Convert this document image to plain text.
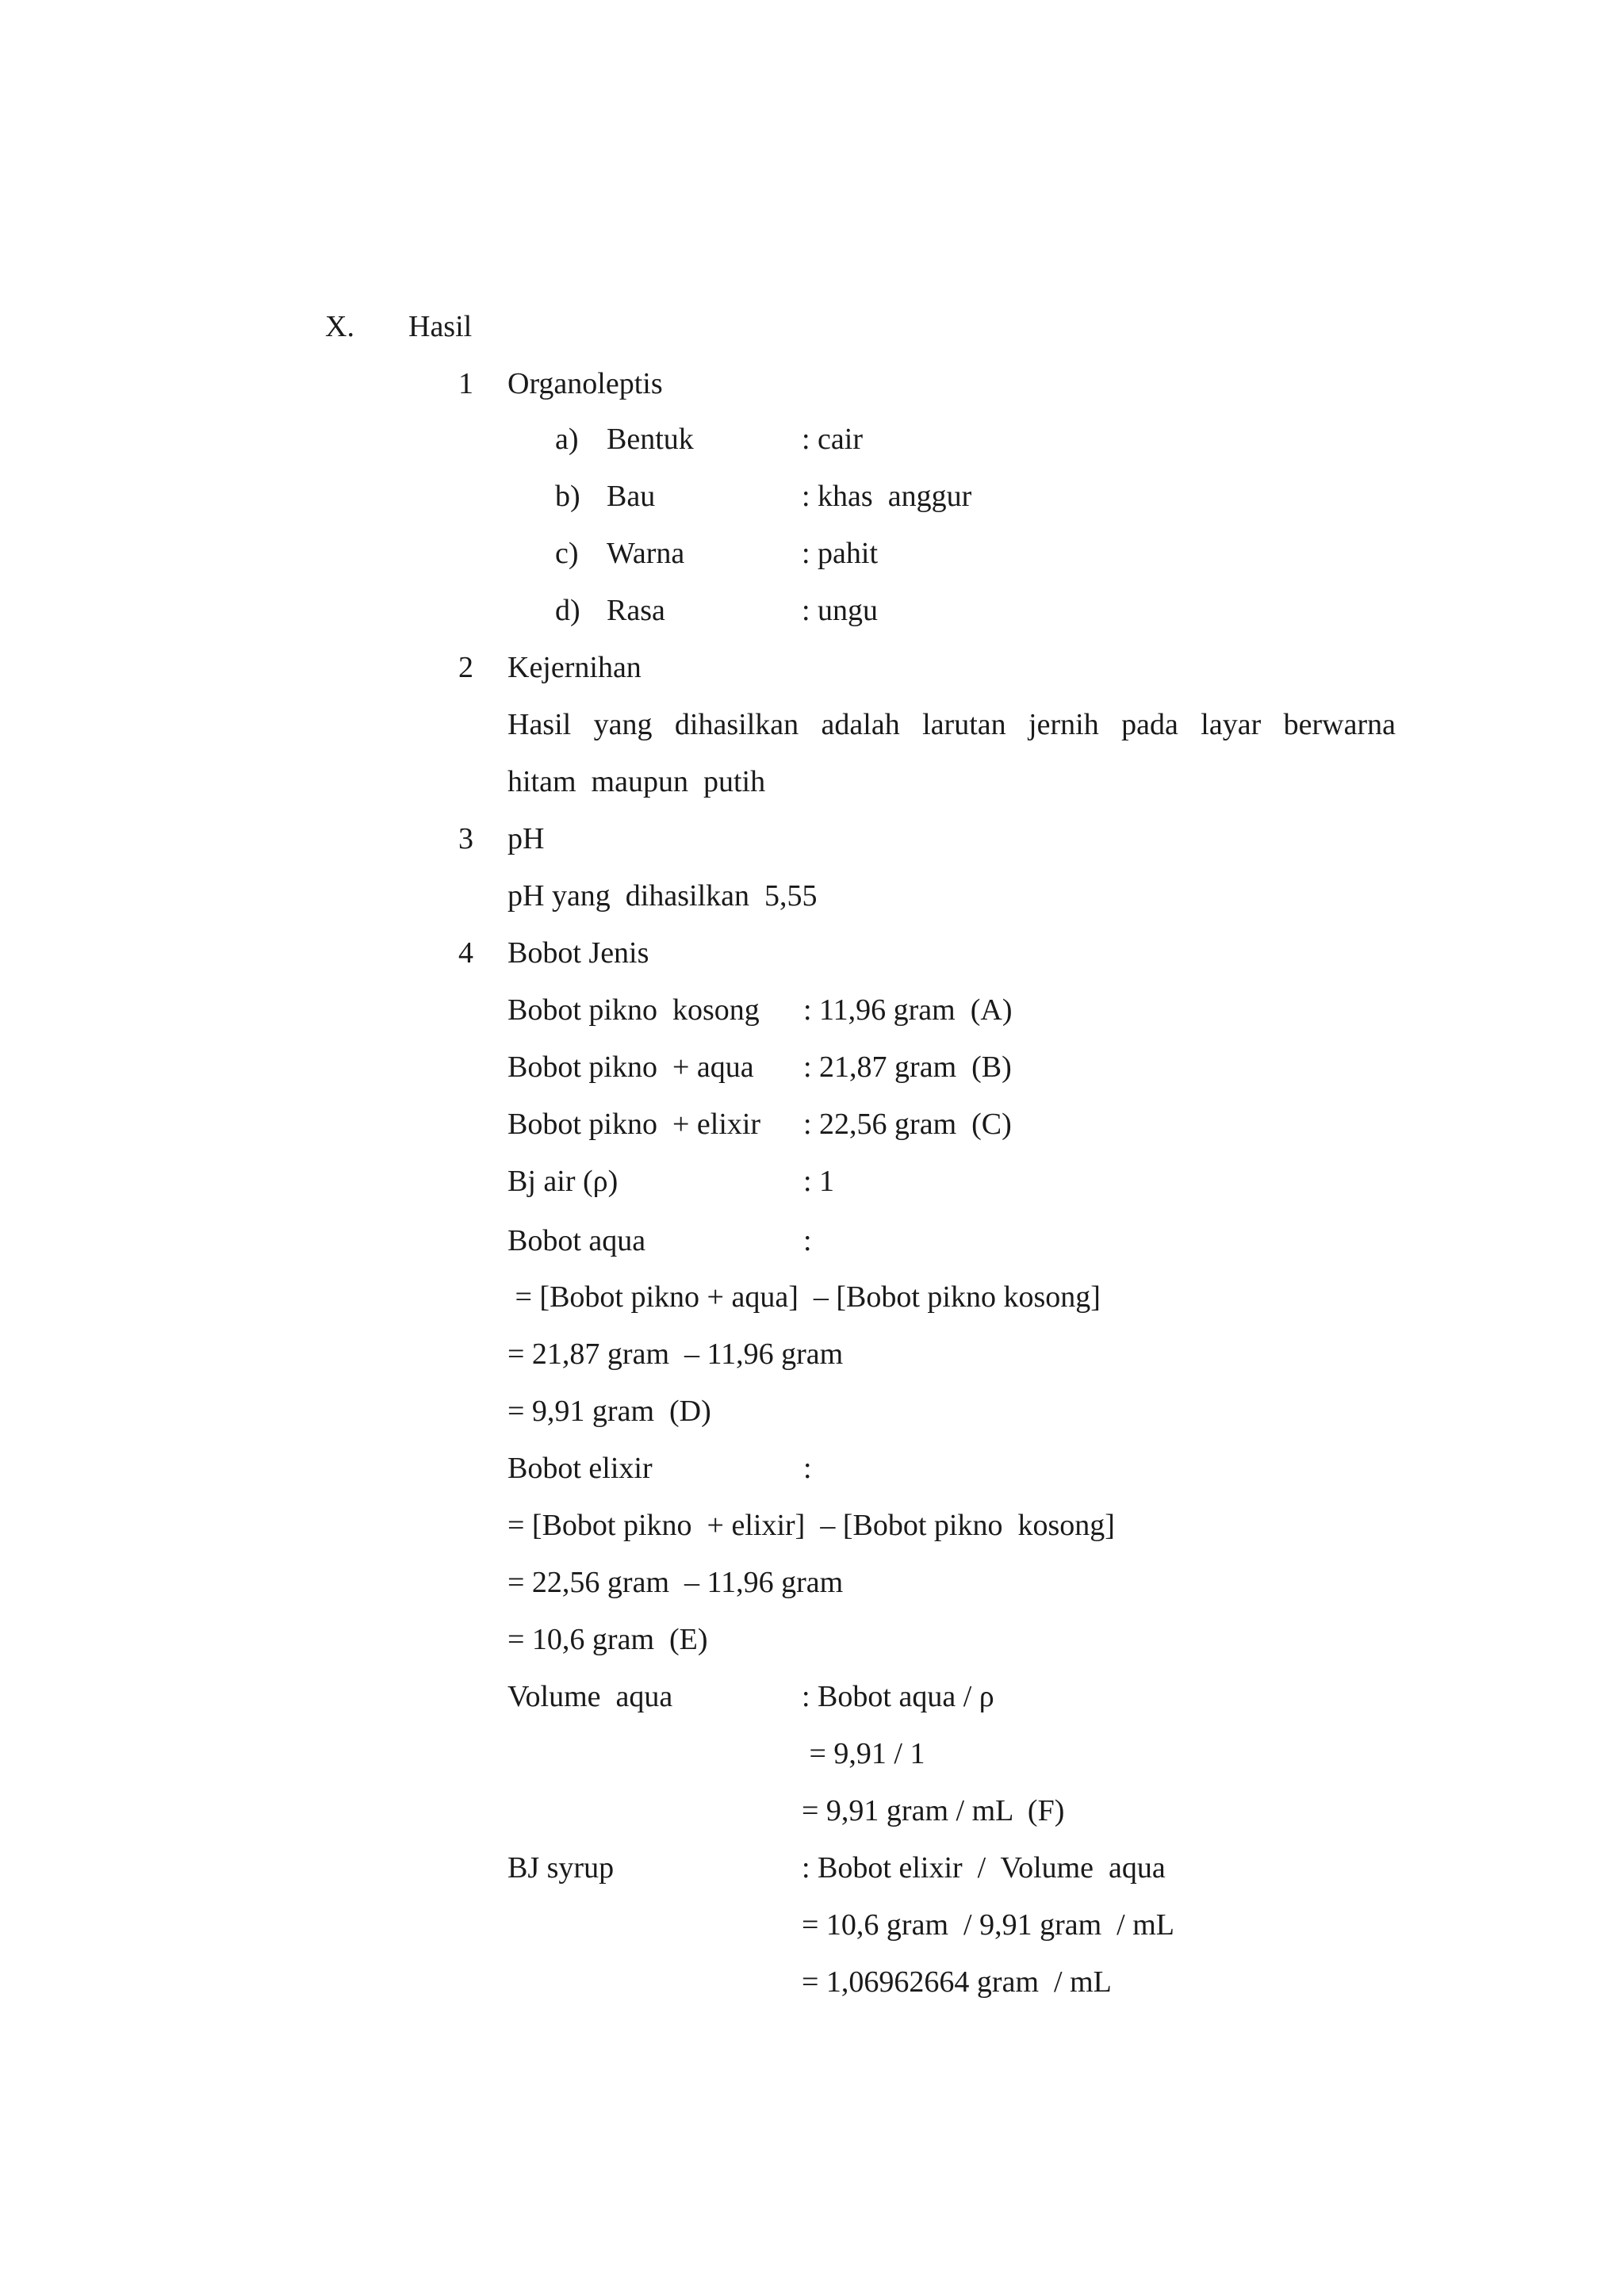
X. Hasil
1 Organoleptis
a) Bentuk	: cair
b) Bau	: khas  anggur
c) Warna	: pahit
d) Rasa	: ungu
2 Kejernihan
Hasil yang dihasilkan adalah larutan jernih pada layar berwarna
hitam  maupun  putih
3 pH
pH yang  dihasilkan  5,55
4 Bobot Jenis
Bobot pikno  kosong : 11,96 gram  (A)
Bobot pikno  + aqua : 21,87 gram  (B)
Bobot pikno  + elixir : 22,56 gram  (C)
Bj air (ρ)	: 1
Bobot aqua	:
= [Bobot pikno + aqua]  – [Bobot pikno kosong]
= 21,87 gram  – 11,96 gram
= 9,91 gram  (D)
Bobot elixir	:
= [Bobot pikno  + elixir]  – [Bobot pikno  kosong]
= 22,56 gram  – 11,96 gram
= 10,6 gram  (E)
Volume  aqua	: Bobot aqua / ρ
= 9,91 / 1
= 9,91 gram / mL  (F)
BJ syrup	: Bobot elixir  /  Volume  aqua
= 10,6 gram  / 9,91 gram  / mL
= 1,06962664 gram  / mL
